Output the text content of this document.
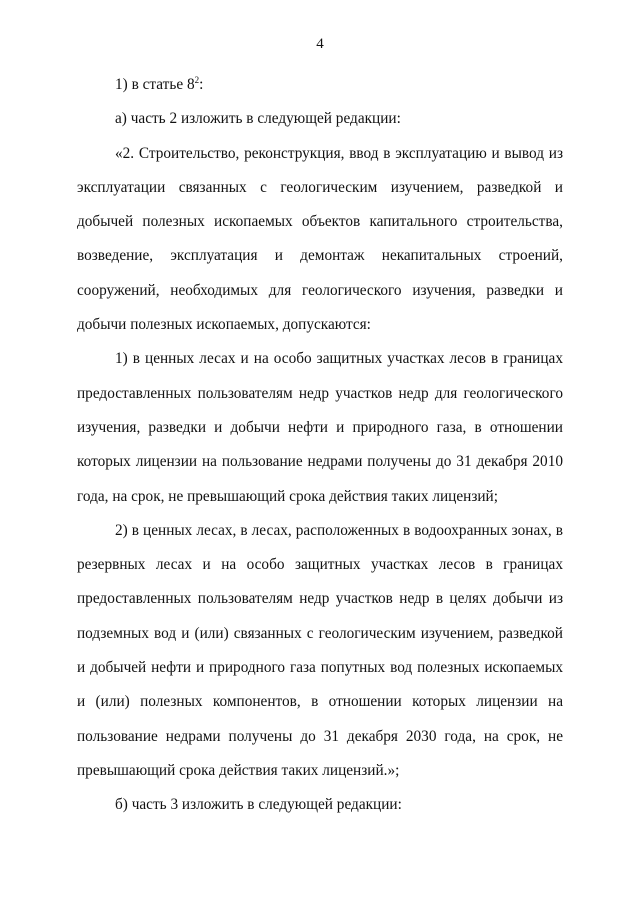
4

1) в статье $8^2$:

а) часть 2 изложить в следующей редакции:

«2. Строительство, реконструкция, ввод в эксплуатацию и вывод из эксплуатации связанных с геологическим изучением, разведкой и добычей полезных ископаемых объектов капитального строительства, возведение, эксплуатация и демонтаж некапитальных строений, сооружений, необходимых для геологического изучения, разведки и добычи полезных ископаемых, допускаются:

1) в ценных лесах и на особо защитных участках лесов в границах предоставленных пользователям недр участков недр для геологического изучения, разведки и добычи нефти и природного газа, в отношении которых лицензии на пользование недрами получены до 31 декабря 2010 года, на срок, не превышающий срока действия таких лицензий;

2) в ценных лесах, в лесах, расположенных в водоохранных зонах, в резервных лесах и на особо защитных участках лесов в границах предоставленных пользователям недр участков недр в целях добычи из подземных вод и (или) связанных с геологическим изучением, разведкой и добычей нефти и природного газа попутных вод полезных ископаемых и (или) полезных компонентов, в отношении которых лицензии на пользование недрами получены до 31 декабря 2030 года, на срок, не превышающий срока действия таких лицензий.»;

б) часть 3 изложить в следующей редакции:
